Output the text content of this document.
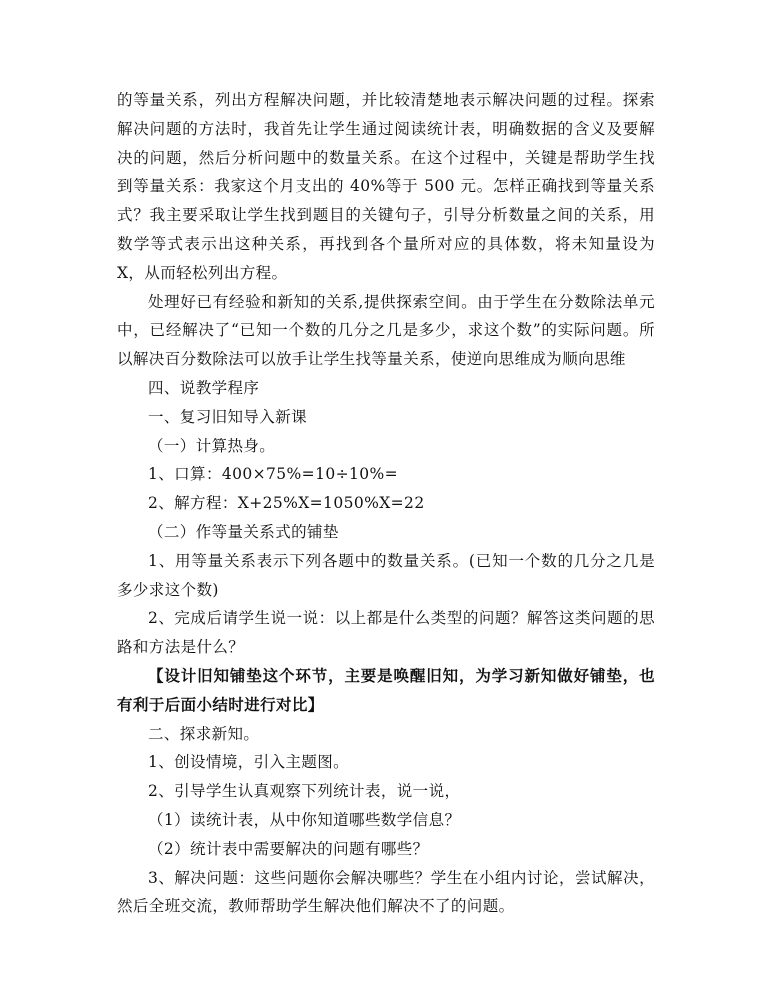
的等量关系，列出方程解决问题，并比较清楚地表示解决问题的过程。探索解决问题的方法时，我首先让学生通过阅读统计表，明确数据的含义及要解决的问题，然后分析问题中的数量关系。在这个过程中，关键是帮助学生找到等量关系：我家这个月支出的 40%等于 500 元。怎样正确找到等量关系式？我主要采取让学生找到题目的关键句子，引导分析数量之间的关系，用数学等式表示出这种关系，再找到各个量所对应的具体数，将未知量设为 X，从而轻松列出方程。

处理好已有经验和新知的关系,提供探索空间。由于学生在分数除法单元中，已经解决了“已知一个数的几分之几是多少，求这个数”的实际问题。所以解决百分数除法可以放手让学生找等量关系，使逆向思维成为顺向思维

四、说教学程序

一、复习旧知导入新课

（一）计算热身。

1、口算：400×75%=10÷10%=

2、解方程：X+25%X=1050%X=22

（二）作等量关系式的铺垫

1、用等量关系表示下列各题中的数量关系。(已知一个数的几分之几是多少求这个数)

2、完成后请学生说一说：以上都是什么类型的问题？解答这类问题的思路和方法是什么？

【设计旧知铺垫这个环节，主要是唤醒旧知，为学习新知做好铺垫，也有利于后面小结时进行对比】

二、探求新知。

1、创设情境，引入主题图。

2、引导学生认真观察下列统计表，说一说，

（1）读统计表，从中你知道哪些数学信息？

（2）统计表中需要解决的问题有哪些？

3、解决问题：这些问题你会解决哪些？学生在小组内讨论，尝试解决，然后全班交流，教师帮助学生解决他们解决不了的问题。
